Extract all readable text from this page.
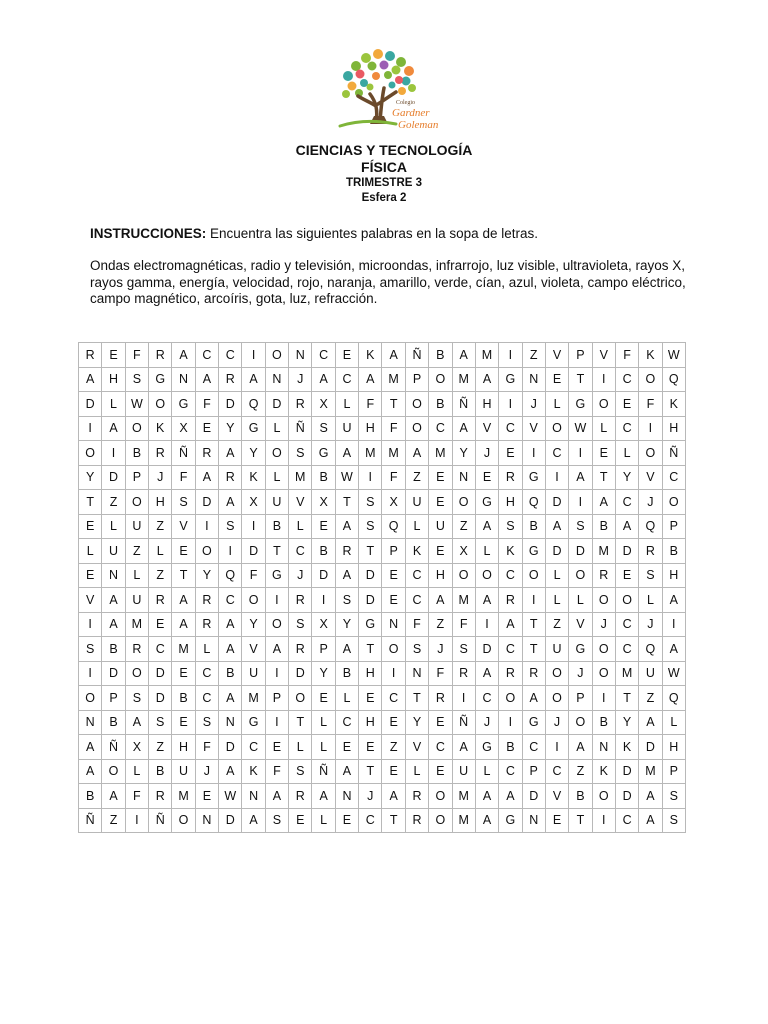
Colegio
Gardner
Goleman

CIENCIAS Y TECNOLOGÍA

FÍSICA

TRIMESTRE 3

Esfera 2

INSTRUCCIONES: Encuentra las siguientes palabras en la sopa de letras.

Ondas electromagnéticas, radio y televisión, microondas, infrarrojo, luz visible, ultravioleta, rayos X, rayos gamma, energía, velocidad, rojo, naranja, amarillo, verde, cían, azul, violeta, campo eléctrico, campo magnético, arcoíris, gota, luz, refracción.

R	E	F	R	A	C	C	I	O	N	C	E	K	A	Ñ	B	A	M	I	Z	V	P	V	F	K	W
A	H	S	G	N	A	R	A	N	J	A	C	A	M	P	O	M	A	G	N	E	T	I	C	O	Q
D	L	W	O	G	F	D	Q	D	R	X	L	F	T	O	B	Ñ	H	I	J	L	G	O	E	F	K
I	A	O	K	X	E	Y	G	L	Ñ	S	U	H	F	O	C	A	V	C	V	O	W	L	C	I	H
O	I	B	R	Ñ	R	A	Y	O	S	G	A	M	M	A	M	Y	J	E	I	C	I	E	L	O	Ñ
Y	D	P	J	F	A	R	K	L	M	B	W	I	F	Z	E	N	E	R	G	I	A	T	Y	V	C
T	Z	O	H	S	D	A	X	U	V	X	T	S	X	U	E	O	G	H	Q	D	I	A	C	J	O
E	L	U	Z	V	I	S	I	B	L	E	A	S	Q	L	U	Z	A	S	B	A	S	B	A	Q	P
L	U	Z	L	E	O	I	D	T	C	B	R	T	P	K	E	X	L	K	G	D	D	M	D	R	B
E	N	L	Z	T	Y	Q	F	G	J	D	A	D	E	C	H	O	O	C	O	L	O	R	E	S	H
V	A	U	R	A	R	C	O	I	R	I	S	D	E	C	A	M	A	R	I	L	L	O	O	L	A
I	A	M	E	A	R	A	Y	O	S	X	Y	G	N	F	Z	F	I	A	T	Z	V	J	C	J	I
S	B	R	C	M	L	A	V	A	R	P	A	T	O	S	J	S	D	C	T	U	G	O	C	Q	A
I	D	O	D	E	C	B	U	I	D	Y	B	H	I	N	F	R	A	R	R	O	J	O	M	U	W
O	P	S	D	B	C	A	M	P	O	E	L	E	C	T	R	I	C	O	A	O	P	I	T	Z	Q
N	B	A	S	E	S	N	G	I	T	L	C	H	E	Y	E	Ñ	J	I	G	J	O	B	Y	A	L
A	Ñ	X	Z	H	F	D	C	E	L	L	E	E	Z	V	C	A	G	B	C	I	A	N	K	D	H
A	O	L	B	U	J	A	K	F	S	Ñ	A	T	E	L	E	U	L	C	P	C	Z	K	D	M	P
B	A	F	R	M	E	W	N	A	R	A	N	J	A	R	O	M	A	A	D	V	B	O	D	A	S
Ñ	Z	I	Ñ	O	N	D	A	S	E	L	E	C	T	R	O	M	A	G	N	E	T	I	C	A	S
